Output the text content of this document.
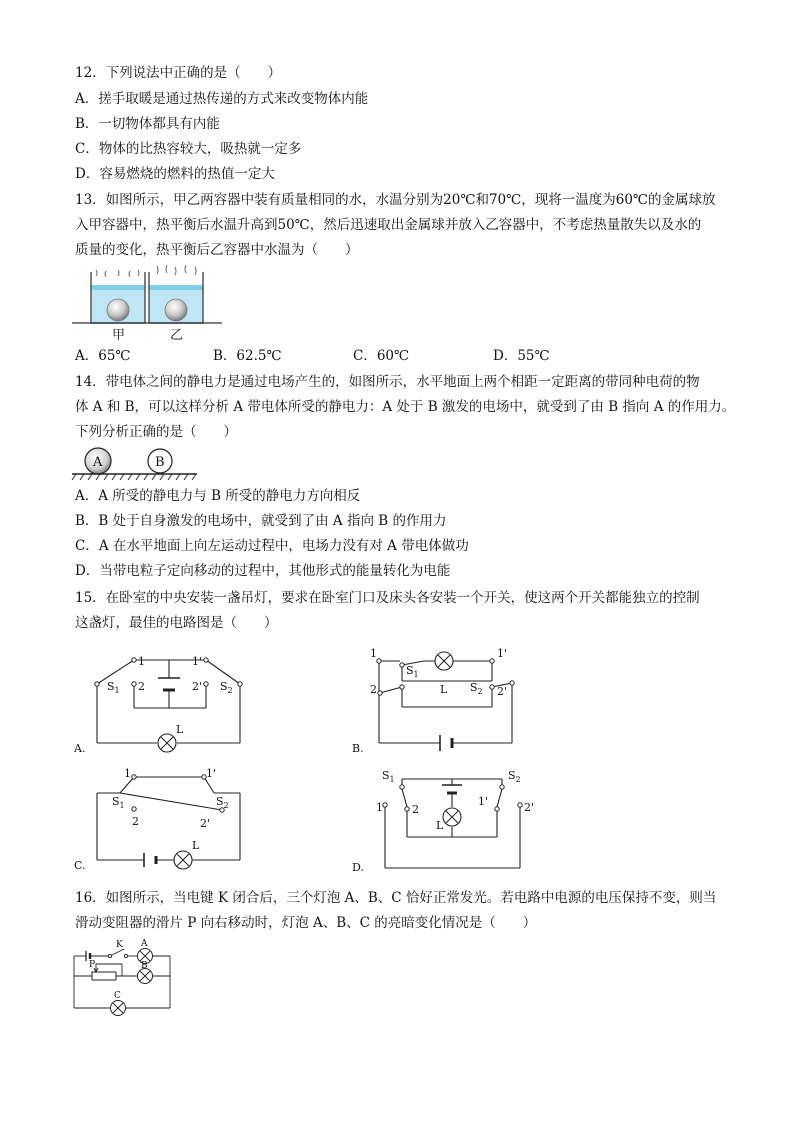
12．下列说法中正确的是（　　）
A．搓手取暖是通过热传递的方式来改变物体内能
B．一切物体都具有内能
C．物体的比热容较大，吸热就一定多
D．容易燃烧的燃料的热值一定大
13．如图所示，甲乙两容器中装有质量相同的水，水温分别为20℃和70℃，现将一温度为60℃的金属球放
入甲容器中，热平衡后水温升高到50℃，然后迅速取出金属球并放入乙容器中，不考虑热量散失以及水的
质量的变化，热平衡后乙容器中水温为（　　）
甲	乙
A．65℃	B．62.5℃	C．60℃	D．55℃
14．带电体之间的静电力是通过电场产生的，如图所示，水平地面上两个相距一定距离的带同种电荷的物
体 A 和 B，可以这样分析 A 带电体所受的静电力：A 处于 B 激发的电场中，就受到了由 B 指向 A 的作用力。
下列分析正确的是（　　）
A	B
A．A 所受的静电力与 B 所受的静电力方向相反
B．B 处于自身激发的电场中，就受到了由 A 指向 B 的作用力
C．A 在水平地面上向左运动过程中，电场力没有对 A 带电体做功
D．当带电粒子定向移动的过程中，其他形式的能量转化为电能
15．在卧室的中央安装一盏吊灯，要求在卧室门口及床头各安装一个开关，使这两个开关都能独立的控制
这盏灯，最佳的电路图是（　　）
1
2
1'
2'
$S_1$	$S_2$
L
A.
1
2
1'
2'
$S_1$
$S_2$
L
B.
1
2
1'
2'
$S_1$	$S_2$
L
C.
$S_1$	$S_2$
1	2
1'	2'
L
D.
16．如图所示，当电键 K 闭合后，三个灯泡 A、B、C 恰好正常发光。若电路中电源的电压保持不变，则当
滑动变阻器的滑片 P 向右移动时，灯泡 A、B、C 的亮暗变化情况是（　　）
K
P
A
B
C
